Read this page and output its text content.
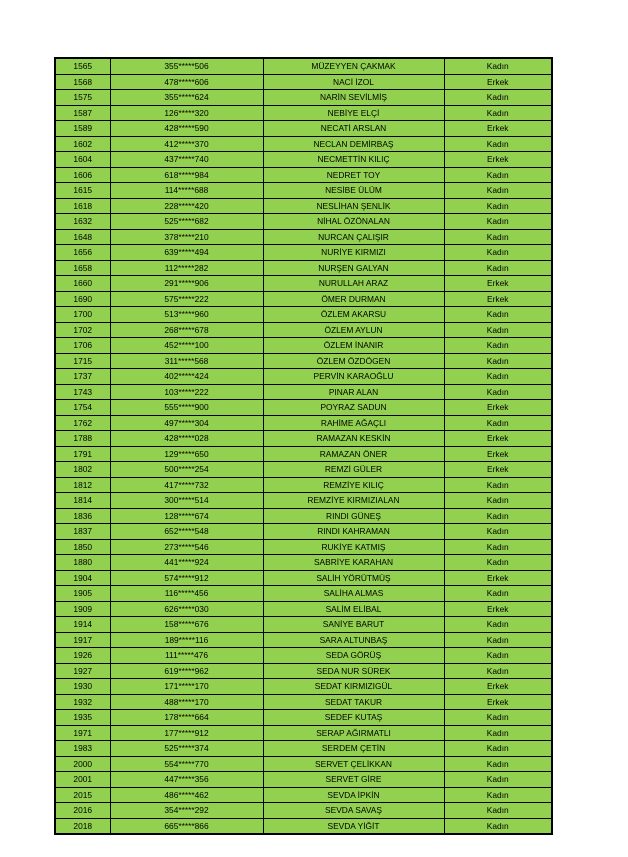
1565	355*****506	MÜZEYYEN ÇAKMAK	Kadın
1568	478*****606	NACİ İZOL	Erkek
1575	355*****624	NARİN SEVİLMİŞ	Kadın
1587	126*****320	NEBİYE ELÇİ	Kadın
1589	428*****590	NECATİ ARSLAN	Erkek
1602	412*****370	NECLAN DEMİRBAŞ	Kadın
1604	437*****740	NECMETTİN KILIÇ	Erkek
1606	618*****984	NEDRET TOY	Kadın
1615	114*****688	NESİBE ÜLÜM	Kadın
1618	228*****420	NESLİHAN ŞENLİK	Kadın
1632	525*****682	NİHAL ÖZÖNALAN	Kadın
1648	378*****210	NURCAN ÇALIŞIR	Kadın
1656	639*****494	NURİYE KIRMIZI	Kadın
1658	112*****282	NURŞEN GALYAN	Kadın
1660	291*****906	NURULLAH ARAZ	Erkek
1690	575*****222	ÖMER DURMAN	Erkek
1700	513*****960	ÖZLEM AKARSU	Kadın
1702	268*****678	ÖZLEM AYLUN	Kadın
1706	452*****100	ÖZLEM İNANIR	Kadın
1715	311*****568	ÖZLEM ÖZDÖGEN	Kadın
1737	402*****424	PERVİN KARAOĞLU	Kadın
1743	103*****222	PINAR ALAN	Kadın
1754	555*****900	POYRAZ SADUN	Erkek
1762	497*****304	RAHİME AĞAÇLI	Kadın
1788	428*****028	RAMAZAN KESKİN	Erkek
1791	129*****650	RAMAZAN ÖNER	Erkek
1802	500*****254	REMZİ GÜLER	Erkek
1812	417*****732	REMZİYE KILIÇ	Kadın
1814	300*****514	REMZİYE KIRMIZIALAN	Kadın
1836	128*****674	RINDI GÜNEŞ	Kadın
1837	652*****548	RINDI KAHRAMAN	Kadın
1850	273*****546	RUKİYE KATMIŞ	Kadın
1880	441*****924	SABRİYE KARAHAN	Kadın
1904	574*****912	SALİH YÖRÜTMÜŞ	Erkek
1905	116*****456	SALİHA ALMAS	Kadın
1909	626*****030	SALİM ELİBAL	Erkek
1914	158*****676	SANİYE BARUT	Kadın
1917	189*****116	SARA ALTUNBAŞ	Kadın
1926	111*****476	SEDA GÖRÜŞ	Kadın
1927	619*****962	SEDA NUR SÜREK	Kadın
1930	171*****170	SEDAT KIRMIZIGÜL	Erkek
1932	488*****170	SEDAT TAKUR	Erkek
1935	178*****664	SEDEF KUTAŞ	Kadın
1971	177*****912	SERAP AĞIRMATLI	Kadın
1983	525*****374	SERDEM ÇETİN	Kadın
2000	554*****770	SERVET ÇELİKKAN	Kadın
2001	447*****356	SERVET GİRE	Kadın
2015	486*****462	SEVDA İPKİN	Kadın
2016	354*****292	SEVDA SAVAŞ	Kadın
2018	665*****866	SEVDA YİĞİT	Kadın
